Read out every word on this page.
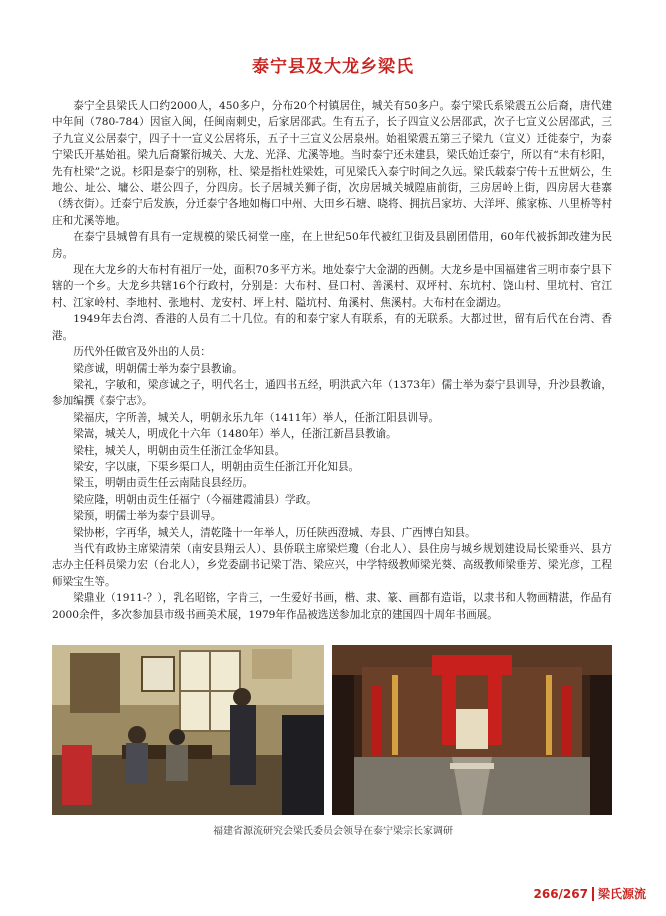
泰宁县及大龙乡梁氏

泰宁全县梁氏人口约2000人，450多户，分布20个村镇居住，城关有50多户。泰宁梁氏系梁震五公后裔，唐代建中年间（780-784）因宦入闽，任闽南刺史，后家居邵武。生有五子，长子四宣义公居邵武，次子七宣义公居邵武，三子九宣义公居泰宁，四子十一宣义公居将乐，五子十三宣义公居泉州。始祖梁震五第三子梁九（宣义）迁徙泰宁，为泰宁梁氏开基始祖。梁九后裔繁衍城关、大龙、光泽、尤溪等地。当时泰宁还未建县，梁氏始迁泰宁，所以有“未有杉阳，先有杜梁”之说。杉阳是泰宁的别称，杜、梁是指杜姓梁姓，可见梁氏入泰宁时间之久远。梁氏载泰宁传十五世炳公，生地公、址公、墉公、堪公四子，分四房。长子居城关狮子街，次房居城关城隍庙前街，三房居岭上街，四房居大巷寨（绣衣街）。迁泰宁后发族，分迁泰宁各地如梅口中州、大田乡石塘、晓将、拥抗吕家坊、大洋坪、熊家栋、八里桥等村庄和尤溪等地。

在泰宁县城曾有具有一定规模的梁氏祠堂一座，在上世纪50年代被红卫街及县剧团借用，60年代被拆卸改建为民房。

现在大龙乡的大布村有祖厅一处，面积70多平方米。地处泰宁大金湖的西侧。大龙乡是中国福建省三明市泰宁县下辖的一个乡。大龙乡共辖16个行政村，分别是：大布村、昼口村、善溪村、双坪村、东坑村、饶山村、里坑村、官江村、江家岭村、李地村、张地村、龙安村、坪上村、隘坑村、角溪村、焦溪村。大布村在金湖边。

1949年去台湾、香港的人员有二十几位。有的和泰宁家人有联系，有的无联系。大都过世，留有后代在台湾、香港。

历代外任做官及外出的人员：

梁彦诚，明朝儒士举为泰宁县教谕。

梁礼，字敏和，梁彦诚之子，明代名士，通四书五经，明洪武六年（1373年）儒士举为泰宁县训导，升沙县教谕，参加编撰《泰宁志》。

梁福庆，字所善，城关人，明朝永乐九年（1411年）举人，任浙江阳县训导。

梁嵩，城关人，明成化十六年（1480年）举人，任浙江新昌县教谕。

梁柱，城关人，明朝由贡生任浙江金华知县。

梁安，字以康，下渠乡渠口人，明朝由贡生任浙江开化知县。

梁玉，明朝由贡生任云南陆良县经历。

梁应隆，明朝由贡生任福宁（今福建霞浦县）学政。

梁预，明儒士举为泰宁县训导。

梁协彬，字再华，城关人，清乾隆十一年举人，历任陕西澄城、寿县、广西博白知县。

当代有政协主席梁清荣（南安县翔云人）、县侨联主席梁烂瓊（台北人）、县住房与城乡规划建设局长梁垂兴、县方志办主任科员梁力宏（台北人），乡党委副书记梁丁浩、梁应兴，中学特级教师梁光葵、高级教师梁垂芳、梁光彦，工程师梁宝生等。

梁鼎业（1911-？），乳名昭铭，字肯三，一生爱好书画，楷、隶、篆、画都有造诣，以隶书和人物画精湛，作品有2000余件，多次参加县市级书画美术展，1979年作品被选送参加北京的建国四十周年书画展。

福建省源流研究会梁氏委员会领导在泰宁梁宗长家调研
266/267 梁氏源流
